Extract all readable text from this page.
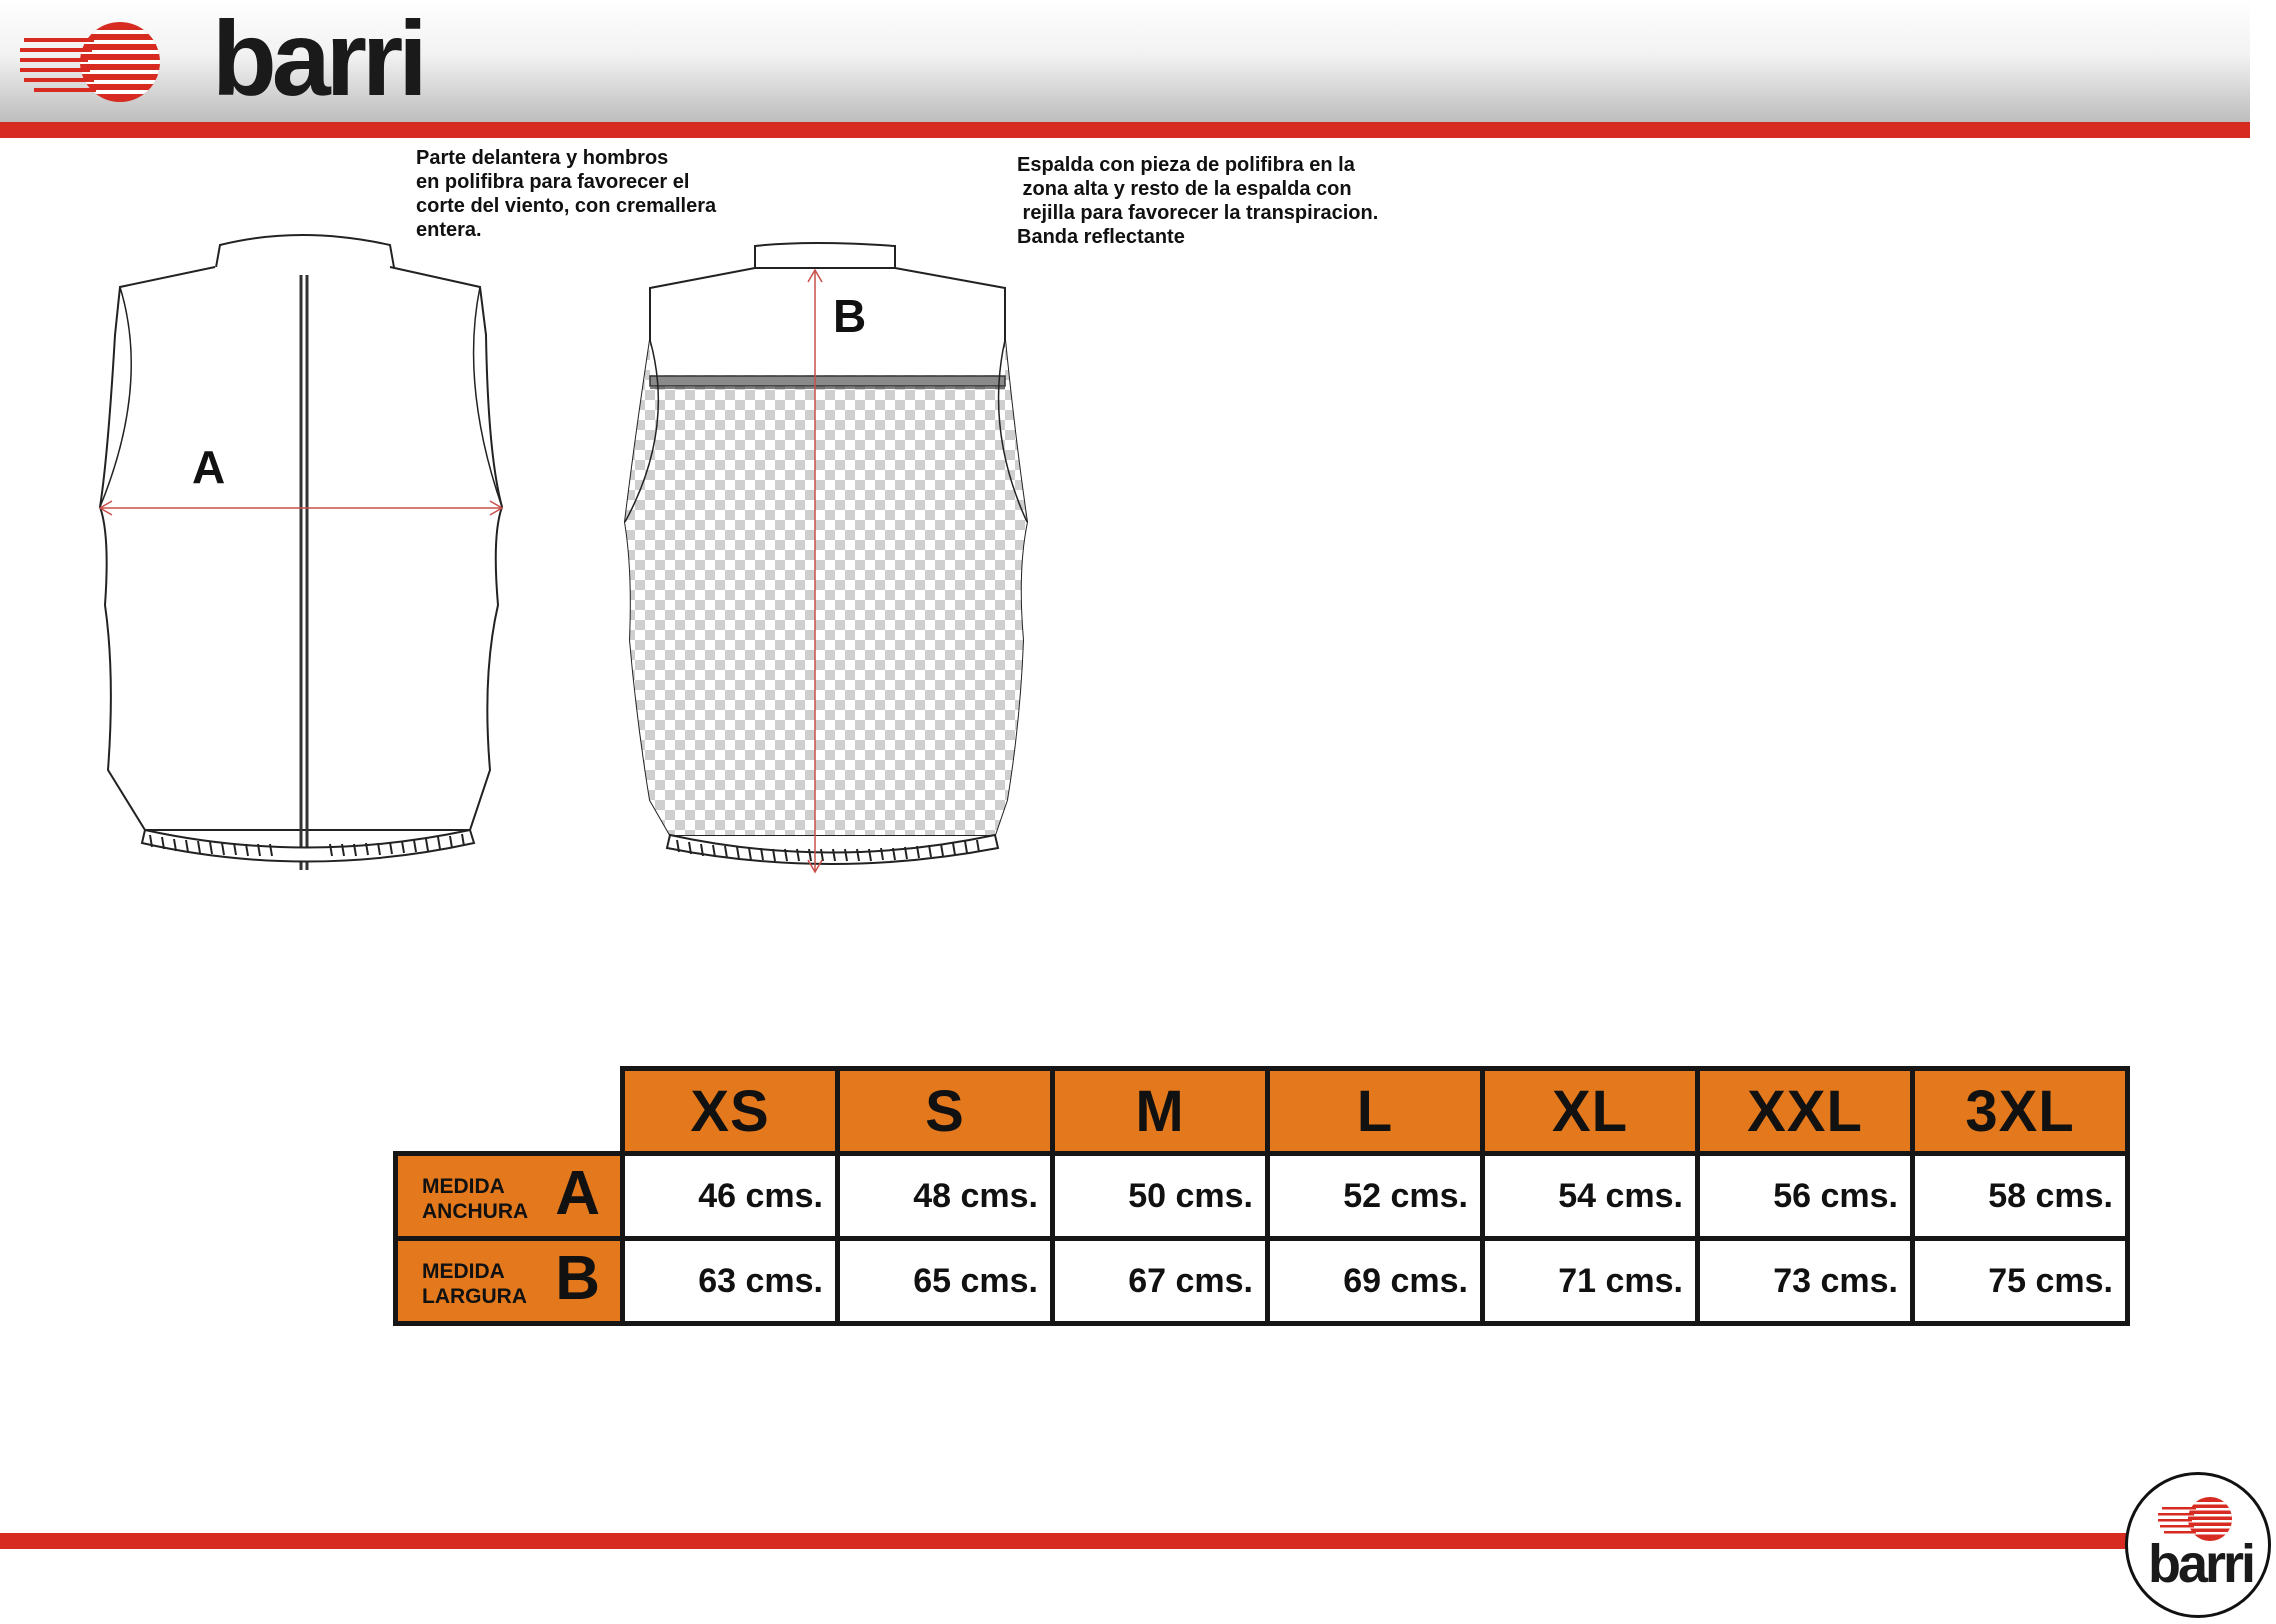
barri
Parte delantera y hombros
en polifibra para favorecer el
corte del viento, con cremallera
entera.
Espalda con pieza de polifibra en la
zona alta y resto de la espalda con
rejilla para favorecer la transpiracion.
Banda reflectante
A
B
	XS	S	M	L	XL	XXL	3XL

MEDIDA
ANCHURA A	46 cms.	48 cms.	50 cms.	52 cms.	54 cms.	56 cms.	58 cms.

MEDIDA
LARGURA B	63 cms.	65 cms.	67 cms.	69 cms.	71 cms.	73 cms.	75 cms.
barri
